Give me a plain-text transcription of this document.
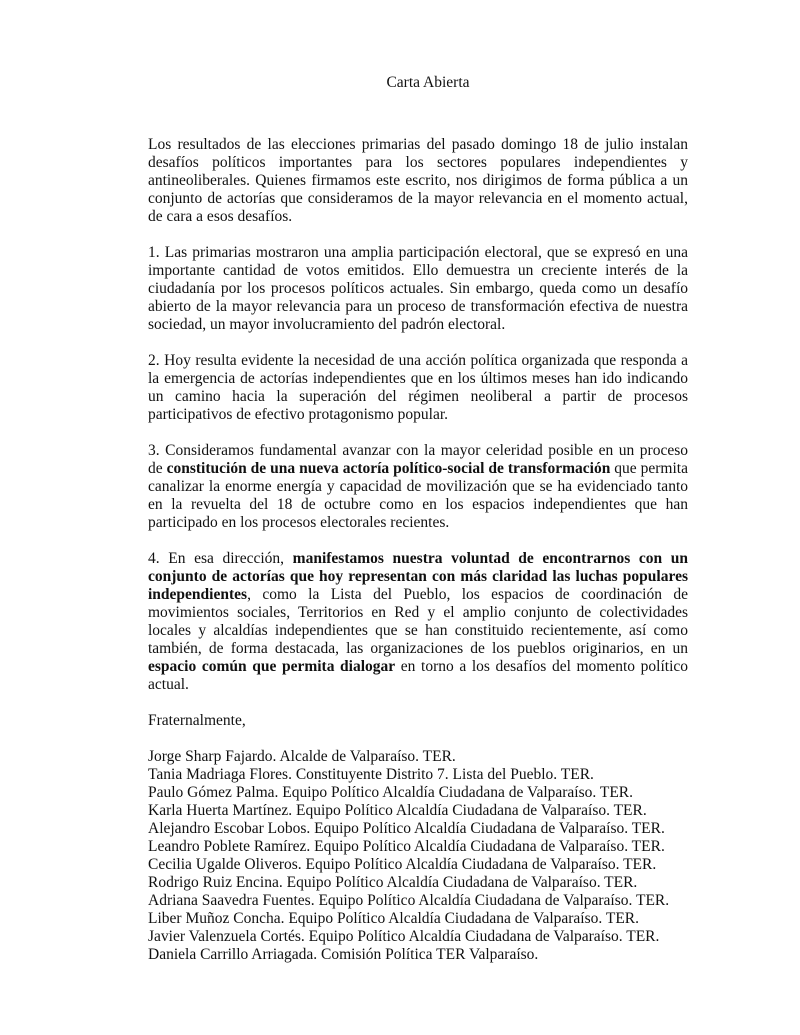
Carta Abierta

Los resultados de las elecciones primarias del pasado domingo 18 de julio instalan desafíos políticos importantes para los sectores populares independientes y antineoliberales. Quienes firmamos este escrito, nos dirigimos de forma pública a un conjunto de actorías que consideramos de la mayor relevancia en el momento actual, de cara a esos desafíos.

1. Las primarias mostraron una amplia participación electoral, que se expresó en una importante cantidad de votos emitidos. Ello demuestra un creciente interés de la ciudadanía por los procesos políticos actuales. Sin embargo, queda como un desafío abierto de la mayor relevancia para un proceso de transformación efectiva de nuestra sociedad, un mayor involucramiento del padrón electoral.

2. Hoy resulta evidente la necesidad de una acción política organizada que responda a la emergencia de actorías independientes que en los últimos meses han ido indicando un camino hacia la superación del régimen neoliberal a partir de procesos participativos de efectivo protagonismo popular.

3. Consideramos fundamental avanzar con la mayor celeridad posible en un proceso de constitución de una nueva actoría político-social de transformación que permita canalizar la enorme energía y capacidad de movilización que se ha evidenciado tanto en la revuelta del 18 de octubre como en los espacios independientes que han participado en los procesos electorales recientes.

4. En esa dirección, manifestamos nuestra voluntad de encontrarnos con un conjunto de actorías que hoy representan con más claridad las luchas populares independientes, como la Lista del Pueblo, los espacios de coordinación de movimientos sociales, Territorios en Red y el amplio conjunto de colectividades locales y alcaldías independientes que se han constituido recientemente, así como también, de forma destacada, las organizaciones de los pueblos originarios, en un espacio común que permita dialogar en torno a los desafíos del momento político actual.

Fraternalmente,

Jorge Sharp Fajardo. Alcalde de Valparaíso. TER.
Tania Madriaga Flores. Constituyente Distrito 7. Lista del Pueblo. TER.
Paulo Gómez Palma. Equipo Político Alcaldía Ciudadana de Valparaíso. TER.
Karla Huerta Martínez. Equipo Político Alcaldía Ciudadana de Valparaíso. TER.
Alejandro Escobar Lobos. Equipo Político Alcaldía Ciudadana de Valparaíso. TER.
Leandro Poblete Ramírez. Equipo Político Alcaldía Ciudadana de Valparaíso. TER.
Cecilia Ugalde Oliveros. Equipo Político Alcaldía Ciudadana de Valparaíso. TER.
Rodrigo Ruiz Encina. Equipo Político Alcaldía Ciudadana de Valparaíso. TER.
Adriana Saavedra Fuentes. Equipo Político Alcaldía Ciudadana de Valparaíso. TER.
Liber Muñoz Concha. Equipo Político Alcaldía Ciudadana de Valparaíso. TER.
Javier Valenzuela Cortés. Equipo Político Alcaldía Ciudadana de Valparaíso. TER.
Daniela Carrillo Arriagada. Comisión Política TER Valparaíso.
